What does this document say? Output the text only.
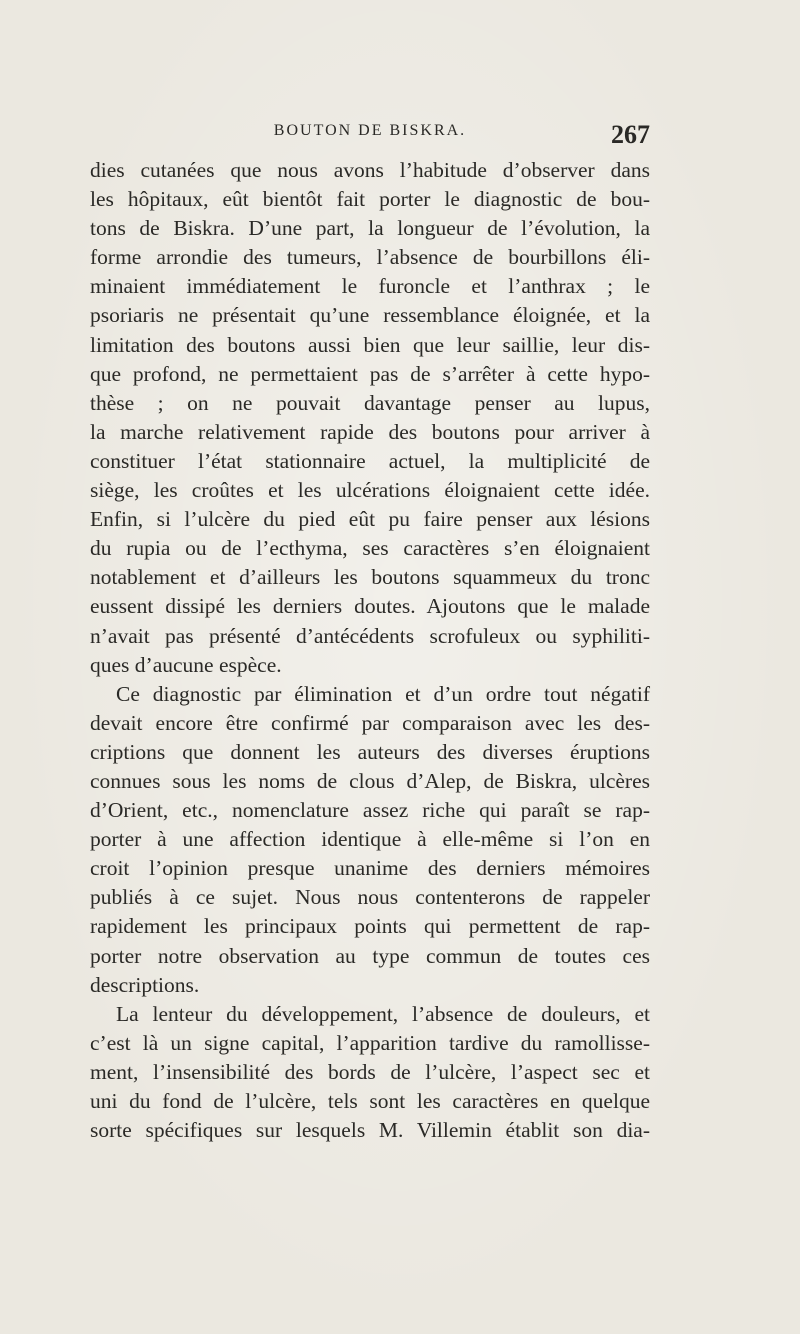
BOUTON DE BISKRA.	267
dies cutanées que nous avons l’habitude d’observer dans
les hôpitaux, eût bientôt fait porter le diagnostic de bou-
tons de Biskra. D’une part, la longueur de l’évolution, la
forme arrondie des tumeurs, l’absence de bourbillons éli-
minaient immédiatement le furoncle et l’anthrax ; le
psoriaris ne présentait qu’une ressemblance éloignée, et la
limitation des boutons aussi bien que leur saillie, leur dis-
que profond, ne permettaient pas de s’arrêter à cette hypo-
thèse ; on ne pouvait davantage penser au lupus,
la marche relativement rapide des boutons pour arriver à
constituer l’état stationnaire actuel, la multiplicité de
siège, les croûtes et les ulcérations éloignaient cette idée.
Enfin, si l’ulcère du pied eût pu faire penser aux lésions
du rupia ou de l’ecthyma, ses caractères s’en éloignaient
notablement et d’ailleurs les boutons squammeux du tronc
eussent dissipé les derniers doutes. Ajoutons que le malade
n’avait pas présenté d’antécédents scrofuleux ou syphiliti-
ques d’aucune espèce.
Ce diagnostic par élimination et d’un ordre tout négatif
devait encore être confirmé par comparaison avec les des-
criptions que donnent les auteurs des diverses éruptions
connues sous les noms de clous d’Alep, de Biskra, ulcères
d’Orient, etc., nomenclature assez riche qui paraît se rap-
porter à une affection identique à elle-même si l’on en
croit l’opinion presque unanime des derniers mémoires
publiés à ce sujet. Nous nous contenterons de rappeler
rapidement les principaux points qui permettent de rap-
porter notre observation au type commun de toutes ces
descriptions.
La lenteur du développement, l’absence de douleurs, et
c’est là un signe capital, l’apparition tardive du ramollisse-
ment, l’insensibilité des bords de l’ulcère, l’aspect sec et
uni du fond de l’ulcère, tels sont les caractères en quelque
sorte spécifiques sur lesquels M. Villemin établit son dia-
